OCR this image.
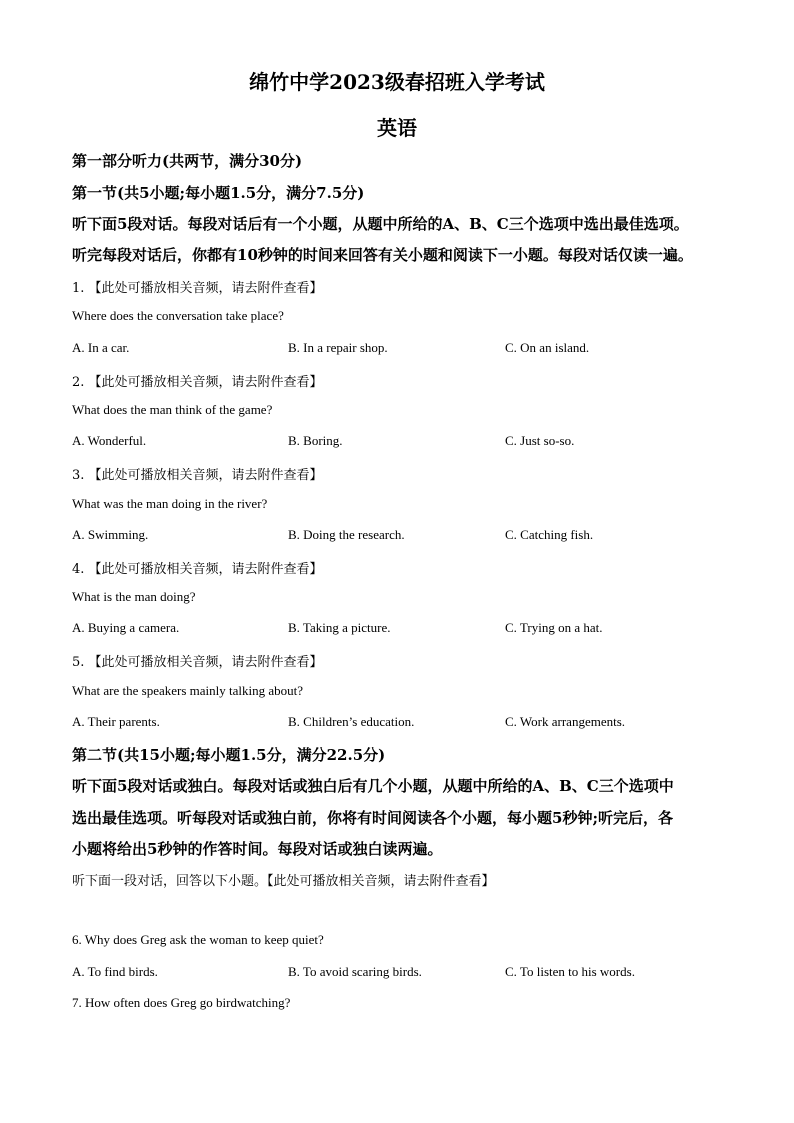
绵竹中学2023级春招班入学考试
英语
第一部分听力(共两节，满分30分)
第一节(共5小题;每小题1.5分，满分7.5分)
听下面5段对话。每段对话后有一个小题，从题中所给的A、B、C三个选项中选出最佳选项。
听完每段对话后，你都有10秒钟的时间来回答有关小题和阅读下一小题。每段对话仅读一遍。
1. 【此处可播放相关音频，请去附件查看】
Where does the conversation take place?
A. In a car.	B. In a repair shop.	C. On an island.
2. 【此处可播放相关音频，请去附件查看】
What does the man think of the game?
A. Wonderful.	B. Boring.	C. Just so-so.
3. 【此处可播放相关音频，请去附件查看】
What was the man doing in the river?
A. Swimming.	B. Doing the research.	C. Catching fish.
4. 【此处可播放相关音频，请去附件查看】
What is the man doing?
A. Buying a camera.	B. Taking a picture.	C. Trying on a hat.
5. 【此处可播放相关音频，请去附件查看】
What are the speakers mainly talking about?
A. Their parents.	B. Children’s education.	C. Work arrangements.
第二节(共15小题;每小题1.5分，满分22.5分)
听下面5段对话或独白。每段对话或独白后有几个小题，从题中所给的A、B、C三个选项中
选出最佳选项。听每段对话或独白前，你将有时间阅读各个小题，每小题5秒钟;听完后，各
小题将给出5秒钟的作答时间。每段对话或独白读两遍。
听下面一段对话，回答以下小题。【此处可播放相关音频，请去附件查看】
6. Why does Greg ask the woman to keep quiet?
A. To find birds.	B. To avoid scaring birds.	C. To listen to his words.
7. How often does Greg go birdwatching?
